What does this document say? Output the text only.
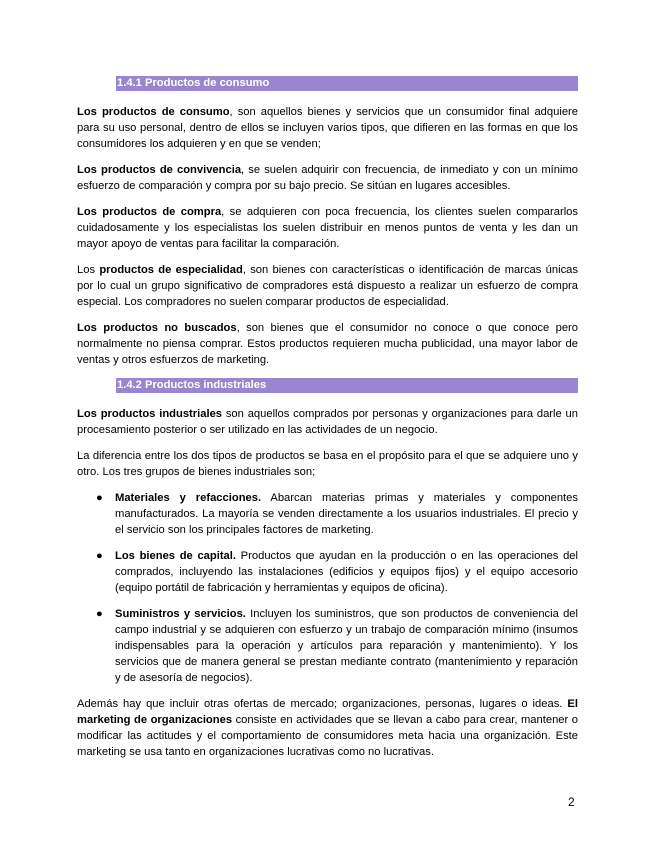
1.4.1 Productos de consumo

Los productos de consumo, son aquellos bienes y servicios que un consumidor final adquiere para su uso personal, dentro de ellos se incluyen varios tipos, que difieren en las formas en que los consumidores los adquieren y en que se venden;

Los productos de convivencia, se suelen adquirir con frecuencia, de inmediato y con un mínimo esfuerzo de comparación y compra por su bajo precio. Se sitúan en lugares accesibles.

Los productos de compra, se adquieren con poca frecuencia, los clientes suelen compararlos cuidadosamente y los especialistas los suelen distribuir en menos puntos de venta y les dan un mayor apoyo de ventas para facilitar la comparación.

Los productos de especialidad, son bienes con características o identificación de marcas únicas por lo cual un grupo significativo de compradores está dispuesto a realizar un esfuerzo de compra especial. Los compradores no suelen comparar productos de especialidad.

Los productos no buscados, son bienes que el consumidor no conoce o que conoce pero normalmente no piensa comprar. Estos productos requieren mucha publicidad, una mayor labor de ventas y otros esfuerzos de marketing.

1.4.2 Productos industriales

Los productos industriales son aquellos comprados por personas y organizaciones para darle un procesamiento posterior o ser utilizado en las actividades de un negocio.

La diferencia entre los dos tipos de productos se basa en el propósito para el que se adquiere uno y otro. Los tres grupos de bienes industriales son;

● Materiales y refacciones. Abarcan materias primas y materiales y componentes manufacturados. La mayoría se venden directamente a los usuarios industriales. El precio y el servicio son los principales factores de marketing.
● Los bienes de capital. Productos que ayudan en la producción o en las operaciones del comprados, incluyendo las instalaciones (edificios y equipos fijos) y el equipo accesorio (equipo portátil de fabricación y herramientas y equipos de oficina).
● Suministros y servicios. Incluyen los suministros, que son productos de conveniencia del campo industrial y se adquieren con esfuerzo y un trabajo de comparación mínimo (insumos indispensables para la operación y artículos para reparación y mantenimiento). Y los servicios que de manera general se prestan mediante contrato (mantenimiento y reparación y de asesoría de negocios).

Además hay que incluir otras ofertas de mercado; organizaciones, personas, lugares o ideas. El marketing de organizaciones consiste en actividades que se llevan a cabo para crear, mantener o modificar las actitudes y el comportamiento de consumidores meta hacia una organización. Este marketing se usa tanto en organizaciones lucrativas como no lucrativas.

2
